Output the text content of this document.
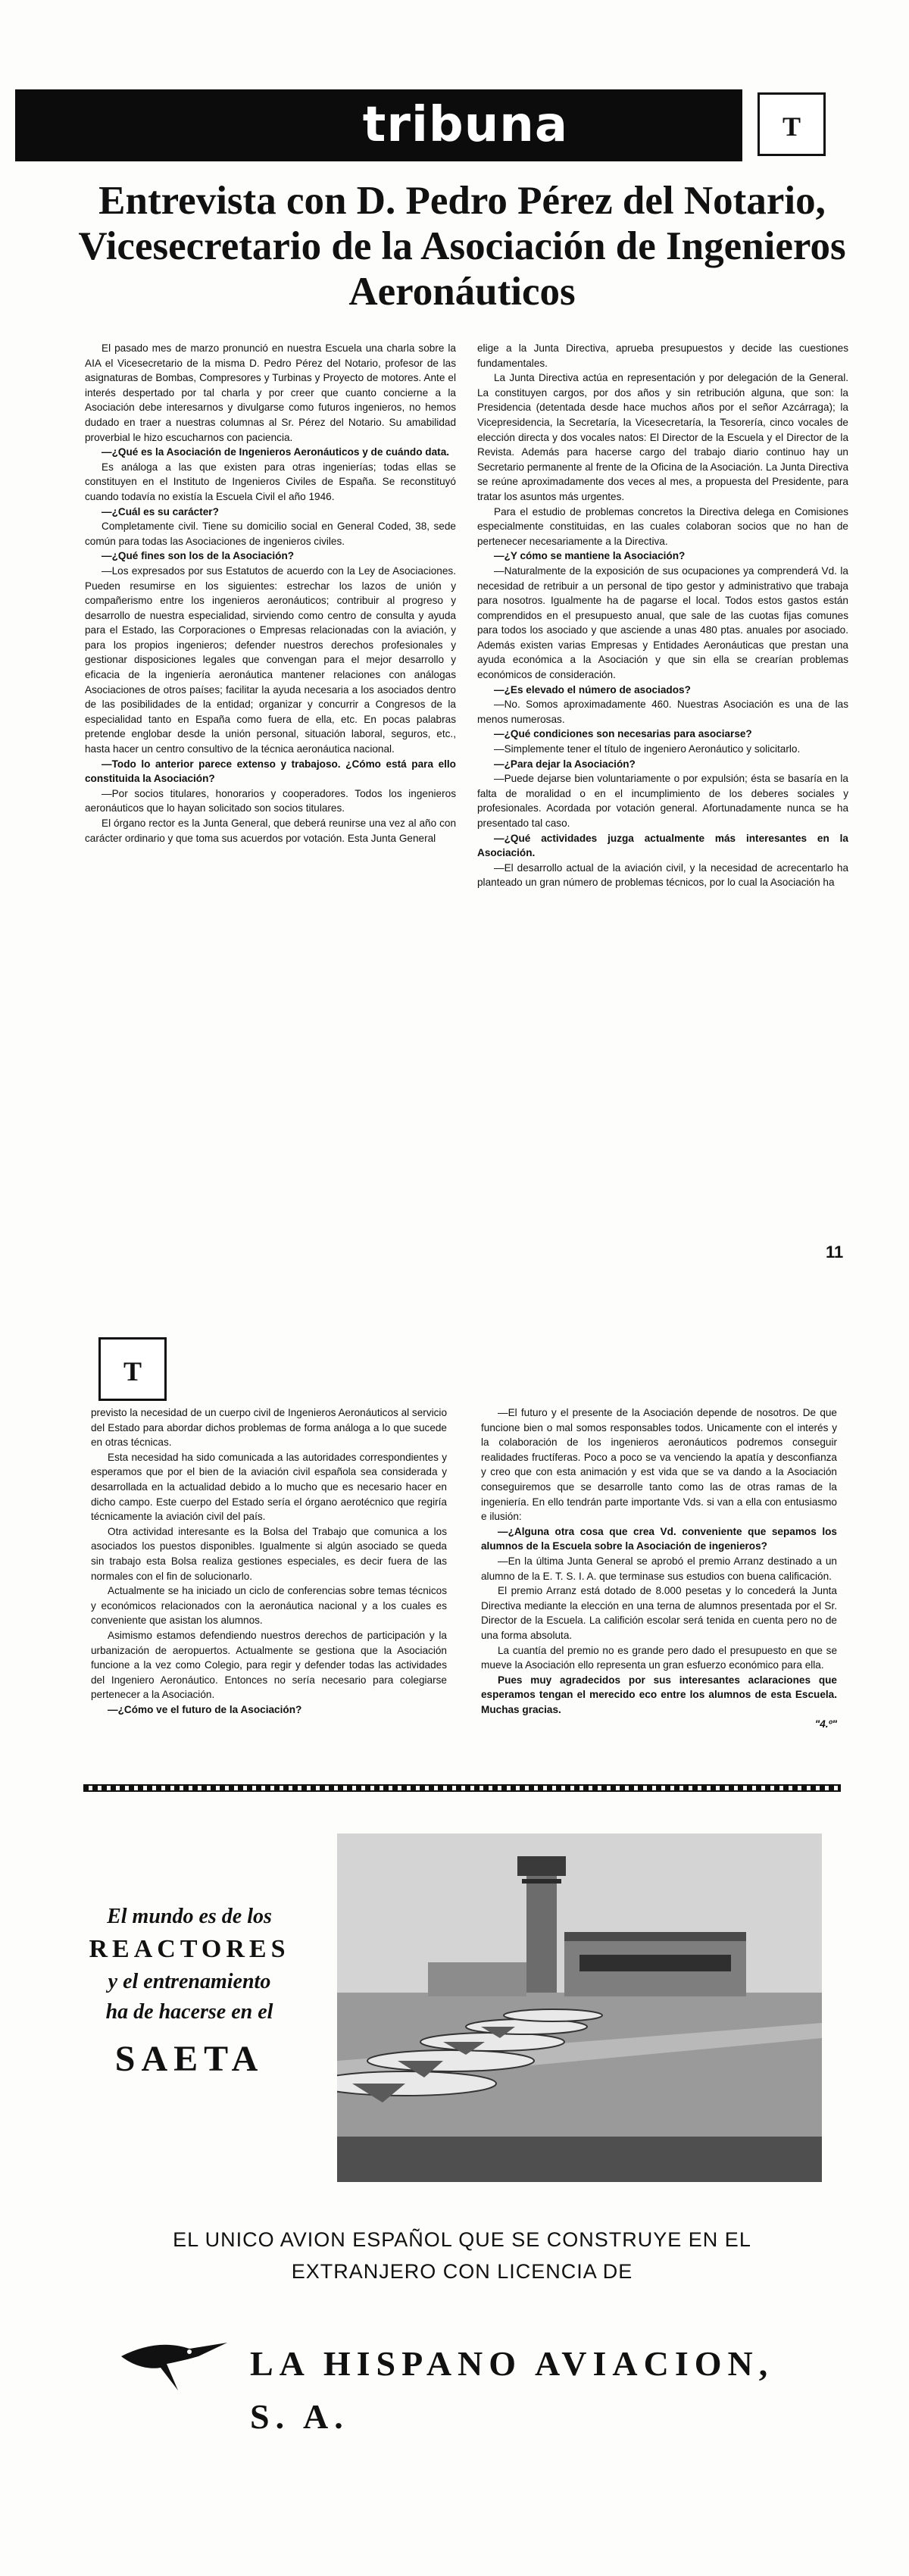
tribuna	T
Entrevista con D. Pedro Pérez del Notario, Vicesecretario de la Asociación de Ingenieros Aeronáuticos

El pasado mes de marzo pronunció en nuestra Escuela una charla sobre la AIA el Vicesecretario de la misma D. Pedro Pérez del Notario, profesor de las asignaturas de Bombas, Compresores y Turbinas y Proyecto de motores. Ante el interés despertado por tal charla y por creer que cuanto concierne a la Asociación debe interesarnos y divulgarse como futuros ingenieros, no hemos dudado en traer a nuestras columnas al Sr. Pérez del Notario. Su amabilidad proverbial le hizo escucharnos con paciencia.

—¿Qué es la Asociación de Ingenieros Aeronáuticos y de cuándo data.

Es análoga a las que existen para otras ingenierías; todas ellas se constituyen en el Instituto de Ingenieros Civiles de España. Se reconstituyó cuando todavía no existía la Escuela Civil el año 1946.

—¿Cuál es su carácter?

Completamente civil. Tiene su domicilio social en General Coded, 38, sede común para todas las Asociaciones de ingenieros civiles.

—¿Qué fines son los de la Asociación?

—Los expresados por sus Estatutos de acuerdo con la Ley de Asociaciones. Pueden resumirse en los siguientes: estrechar los lazos de unión y compañerismo entre los ingenieros aeronáuticos; contribuir al progreso y desarrollo de nuestra especialidad, sirviendo como centro de consulta y ayuda para el Estado, las Corporaciones o Empresas relacionadas con la aviación, y para los propios ingenieros; defender nuestros derechos profesionales y gestionar disposiciones legales que convengan para el mejor desarrollo y eficacia de la ingeniería aeronáutica mantener relaciones con análogas Asociaciones de otros países; facilitar la ayuda necesaria a los asociados dentro de las posibilidades de la entidad; organizar y concurrir a Congresos de la especialidad tanto en España como fuera de ella, etc. En pocas palabras pretende englobar desde la unión personal, situación laboral, seguros, etc., hasta hacer un centro consultivo de la técnica aeronáutica nacional.

—Todo lo anterior parece extenso y trabajoso. ¿Cómo está para ello constituida la Asociación?

—Por socios titulares, honorarios y cooperadores. Todos los ingenieros aeronáuticos que lo hayan solicitado son socios titulares.

El órgano rector es la Junta General, que deberá reunirse una vez al año con carácter ordinario y que toma sus acuerdos por votación. Esta Junta General

elige a la Junta Directiva, aprueba presupuestos y decide las cuestiones fundamentales.

La Junta Directiva actúa en representación y por delegación de la General. La constituyen cargos, por dos años y sin retribución alguna, que son: la Presidencia (detentada desde hace muchos años por el señor Azcárraga); la Vicepresidencia, la Secretaría, la Vicesecretaría, la Tesorería, cinco vocales de elección directa y dos vocales natos: El Director de la Escuela y el Director de la Revista. Además para hacerse cargo del trabajo diario continuo hay un Secretario permanente al frente de la Oficina de la Asociación. La Junta Directiva se reúne aproximadamente dos veces al mes, a propuesta del Presidente, para tratar los asuntos más urgentes.

Para el estudio de problemas concretos la Directiva delega en Comisiones especialmente constituidas, en las cuales colaboran socios que no han de pertenecer necesariamente a la Directiva.

—¿Y cómo se mantiene la Asociación?

—Naturalmente de la exposición de sus ocupaciones ya comprenderá Vd. la necesidad de retribuir a un personal de tipo gestor y administrativo que trabaja para nosotros. Igualmente ha de pagarse el local. Todos estos gastos están comprendidos en el presupuesto anual, que sale de las cuotas fijas comunes para todos los asociado y que asciende a unas 480 ptas. anuales por asociado. Además existen varias Empresas y Entidades Aeronáuticas que prestan una ayuda económica a la Asociación y que sin ella se crearían problemas económicos de consideración.

—¿Es elevado el número de asociados?

—No. Somos aproximadamente 460. Nuestras Asociación es una de las menos numerosas.

—¿Qué condiciones son necesarias para asociarse?

—Simplemente tener el título de ingeniero Aeronáutico y solicitarlo.

—¿Para dejar la Asociación?

—Puede dejarse bien voluntariamente o por expulsión; ésta se basaría en la falta de moralidad o en el incumplimiento de los deberes sociales y profesionales. Acordada por votación general. Afortunadamente nunca se ha presentado tal caso.

—¿Qué actividades juzga actualmente más interesantes en la Asociación.

—El desarrollo actual de la aviación civil, y la necesidad de acrecentarlo ha planteado un gran número de problemas técnicos, por lo cual la Asociación ha

11
T

previsto la necesidad de un cuerpo civil de Ingenieros Aeronáuticos al servicio del Estado para abordar dichos problemas de forma análoga a lo que sucede en otras técnicas.

Esta necesidad ha sido comunicada a las autoridades correspondientes y esperamos que por el bien de la aviación civil española sea considerada y desarrollada en la actualidad debido a lo mucho que es necesario hacer en dicho campo. Este cuerpo del Estado sería el órgano aerotécnico que regiría técnicamente la aviación civil del país.

Otra actividad interesante es la Bolsa del Trabajo que comunica a los asociados los puestos disponibles. Igualmente si algún asociado se queda sin trabajo esta Bolsa realiza gestiones especiales, es decir fuera de las normales con el fin de solucionarlo.

Actualmente se ha iniciado un ciclo de conferencias sobre temas técnicos y económicos relacionados con la aeronáutica nacional y a los cuales es conveniente que asistan los alumnos.

Asimismo estamos defendiendo nuestros derechos de participación y la urbanización de aeropuertos. Actualmente se gestiona que la Asociación funcione a la vez como Colegio, para regir y defender todas las actividades del Ingeniero Aeronáutico. Entonces no sería necesario para colegiarse pertenecer a la Asociación.

—¿Cómo ve el futuro de la Asociación?

—El futuro y el presente de la Asociación depende de nosotros. De que funcione bien o mal somos responsables todos. Unicamente con el interés y la colaboración de los ingenieros aeronáuticos podremos conseguir realidades fructíferas. Poco a poco se va venciendo la apatía y desconfianza y creo que con esta animación y est vida que se va dando a la Asociación conseguiremos que se desarrolle tanto como las de otras ramas de la ingeniería. En ello tendrán parte importante Vds. si van a ella con entusiasmo e ilusión:

—¿Alguna otra cosa que crea Vd. conveniente que sepamos los alumnos de la Escuela sobre la Asociación de ingenieros?

—En la última Junta General se aprobó el premio Arranz destinado a un alumno de la E. T. S. I. A. que terminase sus estudios con buena calificación.

El premio Arranz está dotado de 8.000 pesetas y lo concederá la Junta Directiva mediante la elección en una terna de alumnos presentada por el Sr. Director de la Escuela. La califición escolar será tenida en cuenta pero no de una forma absoluta.

La cuantía del premio no es grande pero dado el presupuesto en que se mueve la Asociación ello representa un gran esfuerzo económico para ella.

Pues muy agradecidos por sus interesantes aclaraciones que esperamos tengan el merecido eco entre los alumnos de esta Escuela. Muchas gracias.

"4.º"

El mundo es de los
REACTORES
y el entrenamiento
ha de hacerse en el
SAETA
EL UNICO AVION ESPAÑOL QUE SE CONSTRUYE EN EL
EXTRANJERO CON LICENCIA DE
LA HISPANO AVIACION, S. A.
